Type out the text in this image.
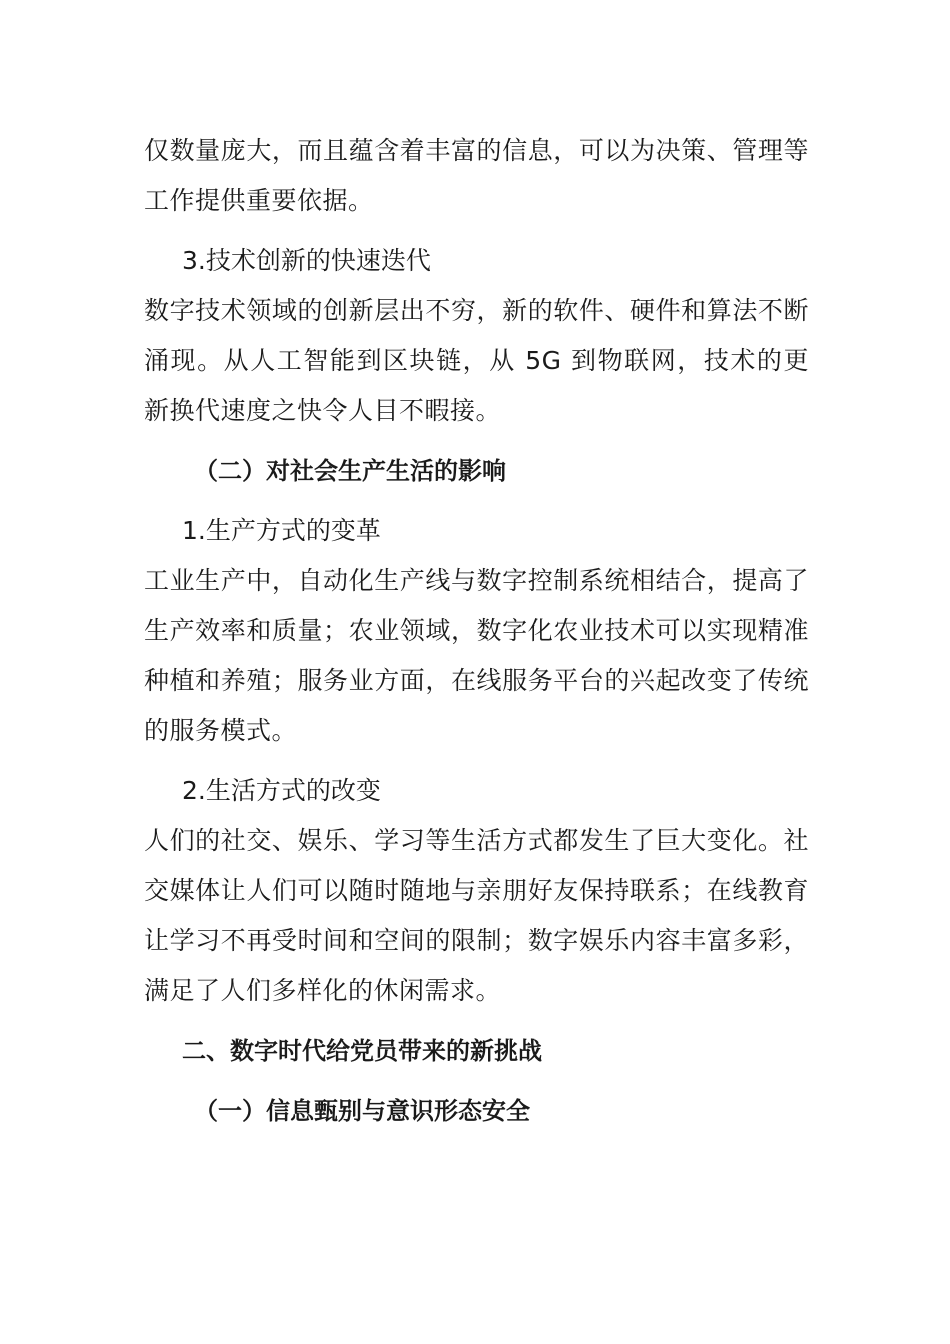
仅数量庞大，而且蕴含着丰富的信息，可以为决策、管理等工作提供重要依据。

3.技术创新的快速迭代

数字技术领域的创新层出不穷，新的软件、硬件和算法不断涌现。从人工智能到区块链，从 5G 到物联网，技术的更新换代速度之快令人目不暇接。

（二）对社会生产生活的影响

1.生产方式的变革

工业生产中，自动化生产线与数字控制系统相结合，提高了生产效率和质量；农业领域，数字化农业技术可以实现精准种植和养殖；服务业方面，在线服务平台的兴起改变了传统的服务模式。

2.生活方式的改变

人们的社交、娱乐、学习等生活方式都发生了巨大变化。社交媒体让人们可以随时随地与亲朋好友保持联系；在线教育让学习不再受时间和空间的限制；数字娱乐内容丰富多彩，满足了人们多样化的休闲需求。

二、数字时代给党员带来的新挑战

（一）信息甄别与意识形态安全
